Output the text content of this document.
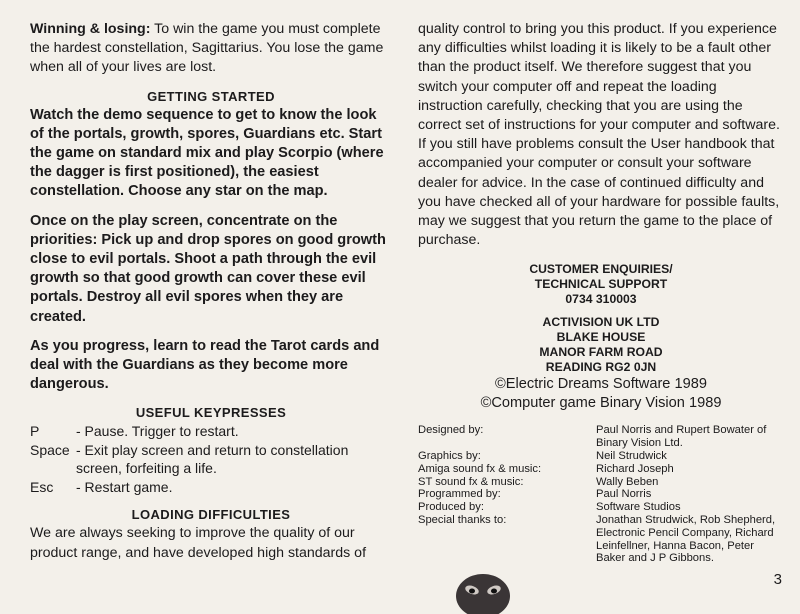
Winning & losing: To win the game you must complete the hardest constellation, Sagittarius. You lose the game when all of your lives are lost.

GETTING STARTED

Watch the demo sequence to get to know the look of the portals, growth, spores, Guardians etc. Start the game on standard mix and play Scorpio (where the dagger is first positioned), the easiest constellation. Choose any star on the map.

Once on the play screen, concentrate on the priorities: Pick up and drop spores on good growth close to evil portals. Shoot a path through the evil growth so that good growth can cover these evil portals. Destroy all evil spores when they are created.

As you progress, learn to read the Tarot cards and deal with the Guardians as they become more dangerous.

USEFUL KEYPRESSES
P	- Pause. Trigger to restart.
Space - Exit play screen and return to constellation screen, forfeiting a life.
Esc	- Restart game.
LOADING DIFFICULTIES

We are always seeking to improve the quality of our product range, and have developed high standards of

quality control to bring you this product. If you experience any difficulties whilst loading it is likely to be a fault other than the product itself. We therefore suggest that you switch your computer off and repeat the loading instruction carefully, checking that you are using the correct set of instructions for your computer and software. If you still have problems consult the User handbook that accompanied your computer or consult your software dealer for advice. In the case of continued difficulty and you have checked all of your hardware for possible faults, may we suggest that you return the game to the place of purchase.

CUSTOMER ENQUIRIES/
TECHNICAL SUPPORT
0734 310003
ACTIVISION UK LTD
BLAKE HOUSE
MANOR FARM ROAD
READING RG2 0JN
©Electric Dreams Software 1989
©Computer game Binary Vision 1989
Designed by:	Paul Norris and Rupert Bowater of Binary Vision Ltd.
Graphics by:	Neil Strudwick
Amiga sound fx & music:	Richard Joseph
ST sound fx & music:	Wally Beben
Programmed by:	Paul Norris
Produced by:	Software Studios
Special thanks to:	Jonathan Strudwick, Rob Shepherd, Electronic Pencil Company, Richard Leinfellner, Hanna Bacon, Peter Baker and J P Gibbons.
3
